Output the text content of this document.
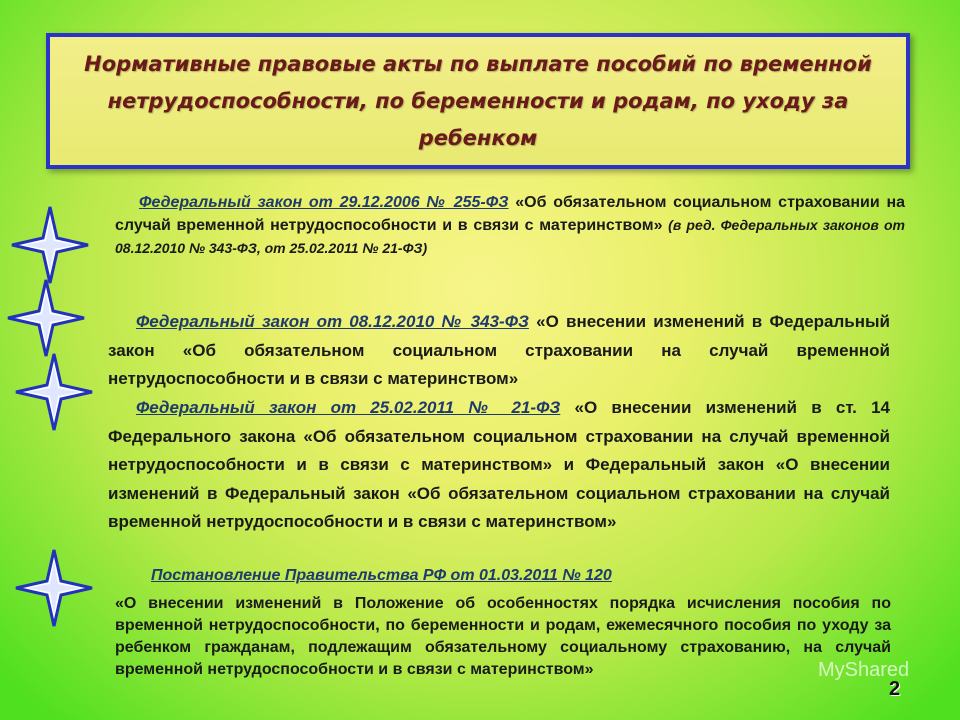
Нормативные правовые акты по выплате пособий по временной нетрудоспособности, по беременности и родам, по уходу за ребенком

Федеральный закон от 29.12.2006 № 255-ФЗ «Об обязательном социальном страховании на случай временной нетрудоспособности и в связи с материнством» (в ред. Федеральных законов от 08.12.2010 № 343-ФЗ, от 25.02.2011 № 21-ФЗ)

Федеральный закон от 08.12.2010 № 343-ФЗ «О внесении изменений в Федеральный закон «Об обязательном социальном страховании на случай временной нетрудоспособности и в связи с материнством»

Федеральный закон от 25.02.2011 № 21-ФЗ «О внесении изменений в ст. 14 Федерального закона «Об обязательном социальном страховании на случай временной нетрудоспособности и в связи с материнством» и Федеральный закон «О внесении изменений в Федеральный закон «Об обязательном социальном страховании на случай временной нетрудоспособности и в связи с материнством»

Постановление Правительства РФ от 01.03.2011 № 120

«О внесении изменений в Положение об особенностях порядка исчисления пособия по временной нетрудоспособности, по беременности и родам, ежемесячного пособия по уходу за ребенком гражданам, подлежащим обязательному социальному страхованию, на случай временной нетрудоспособности и в связи с материнством»	MyShared
2
